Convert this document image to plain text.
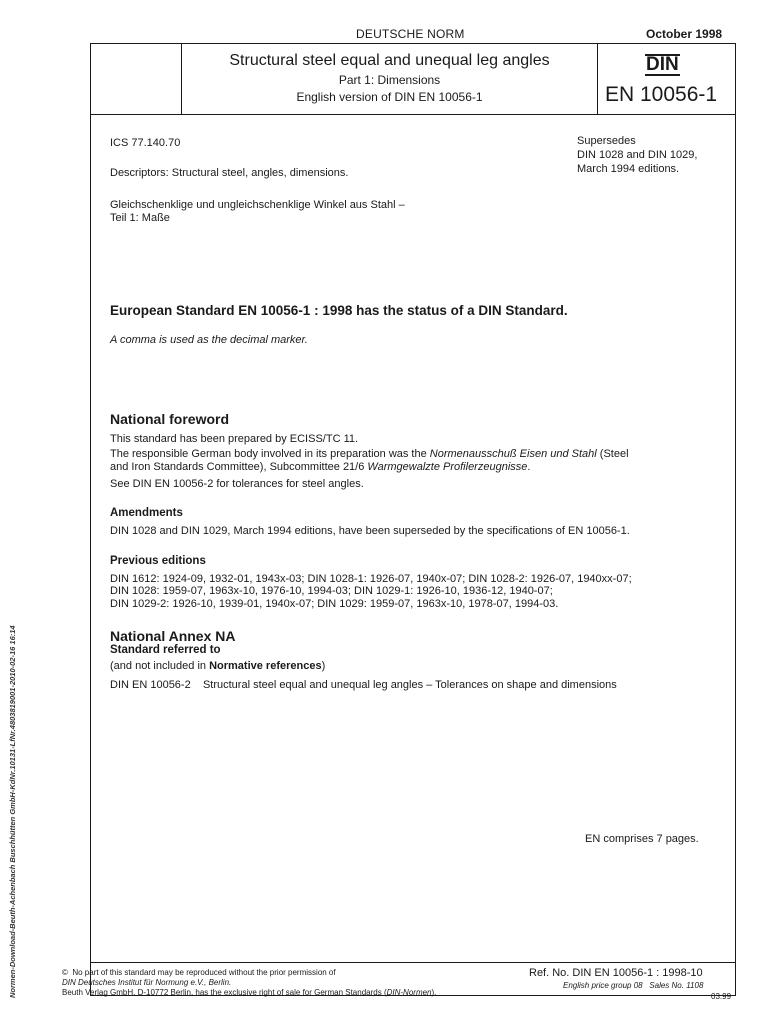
DEUTSCHE NORM	October 1998
Structural steel equal and unequal leg angles
Part 1: Dimensions
English version of DIN EN 10056-1
DIN
EN 10056-1
ICS 77.140.70	Supersedes
DIN 1028 and DIN 1029,
March 1994 editions.
Descriptors: Structural steel, angles, dimensions.
Gleichschenklige und ungleichschenklige Winkel aus Stahl –
Teil 1: Maße
European Standard EN 10056-1 : 1998 has the status of a DIN Standard.
A comma is used as the decimal marker.
National foreword
This standard has been prepared by ECISS/TC 11.
The responsible German body involved in its preparation was the Normenausschuß Eisen und Stahl (Steel
and Iron Standards Committee), Subcommittee 21/6 Warmgewalzte Profilerzeugnisse.
See DIN EN 10056-2 for tolerances for steel angles.
Amendments
DIN 1028 and DIN 1029, March 1994 editions, have been superseded by the specifications of EN 10056-1.
Previous editions
DIN 1612: 1924-09, 1932-01, 1943x-03; DIN 1028-1: 1926-07, 1940x-07; DIN 1028-2: 1926-07, 1940xx-07;
DIN 1028: 1959-07, 1963x-10, 1976-10, 1994-03; DIN 1029-1: 1926-10, 1936-12, 1940-07;
DIN 1029-2: 1926-10, 1939-01, 1940x-07; DIN 1029: 1959-07, 1963x-10, 1978-07, 1994-03.
National Annex NA
Standard referred to
(and not included in Normative references)
DIN EN 10056-2 Structural steel equal and unequal leg angles – Tolerances on shape and dimensions
EN comprises 7 pages.
© No part of this standard may be reproduced without the prior permission of
DIN Deutsches Institut für Normung e.V., Berlin.
Beuth Verlag GmbH, D-10772 Berlin, has the exclusive right of sale for German Standards (DIN-Normen).
Ref. No. DIN EN 10056-1 : 1998-10
English price group 08 Sales No. 1108
03.99
Normen-Download-Beuth-Achenbach Buschhütten GmbH-KdNr.10131-LfNr.4803819001-2010-02-16 16:14
